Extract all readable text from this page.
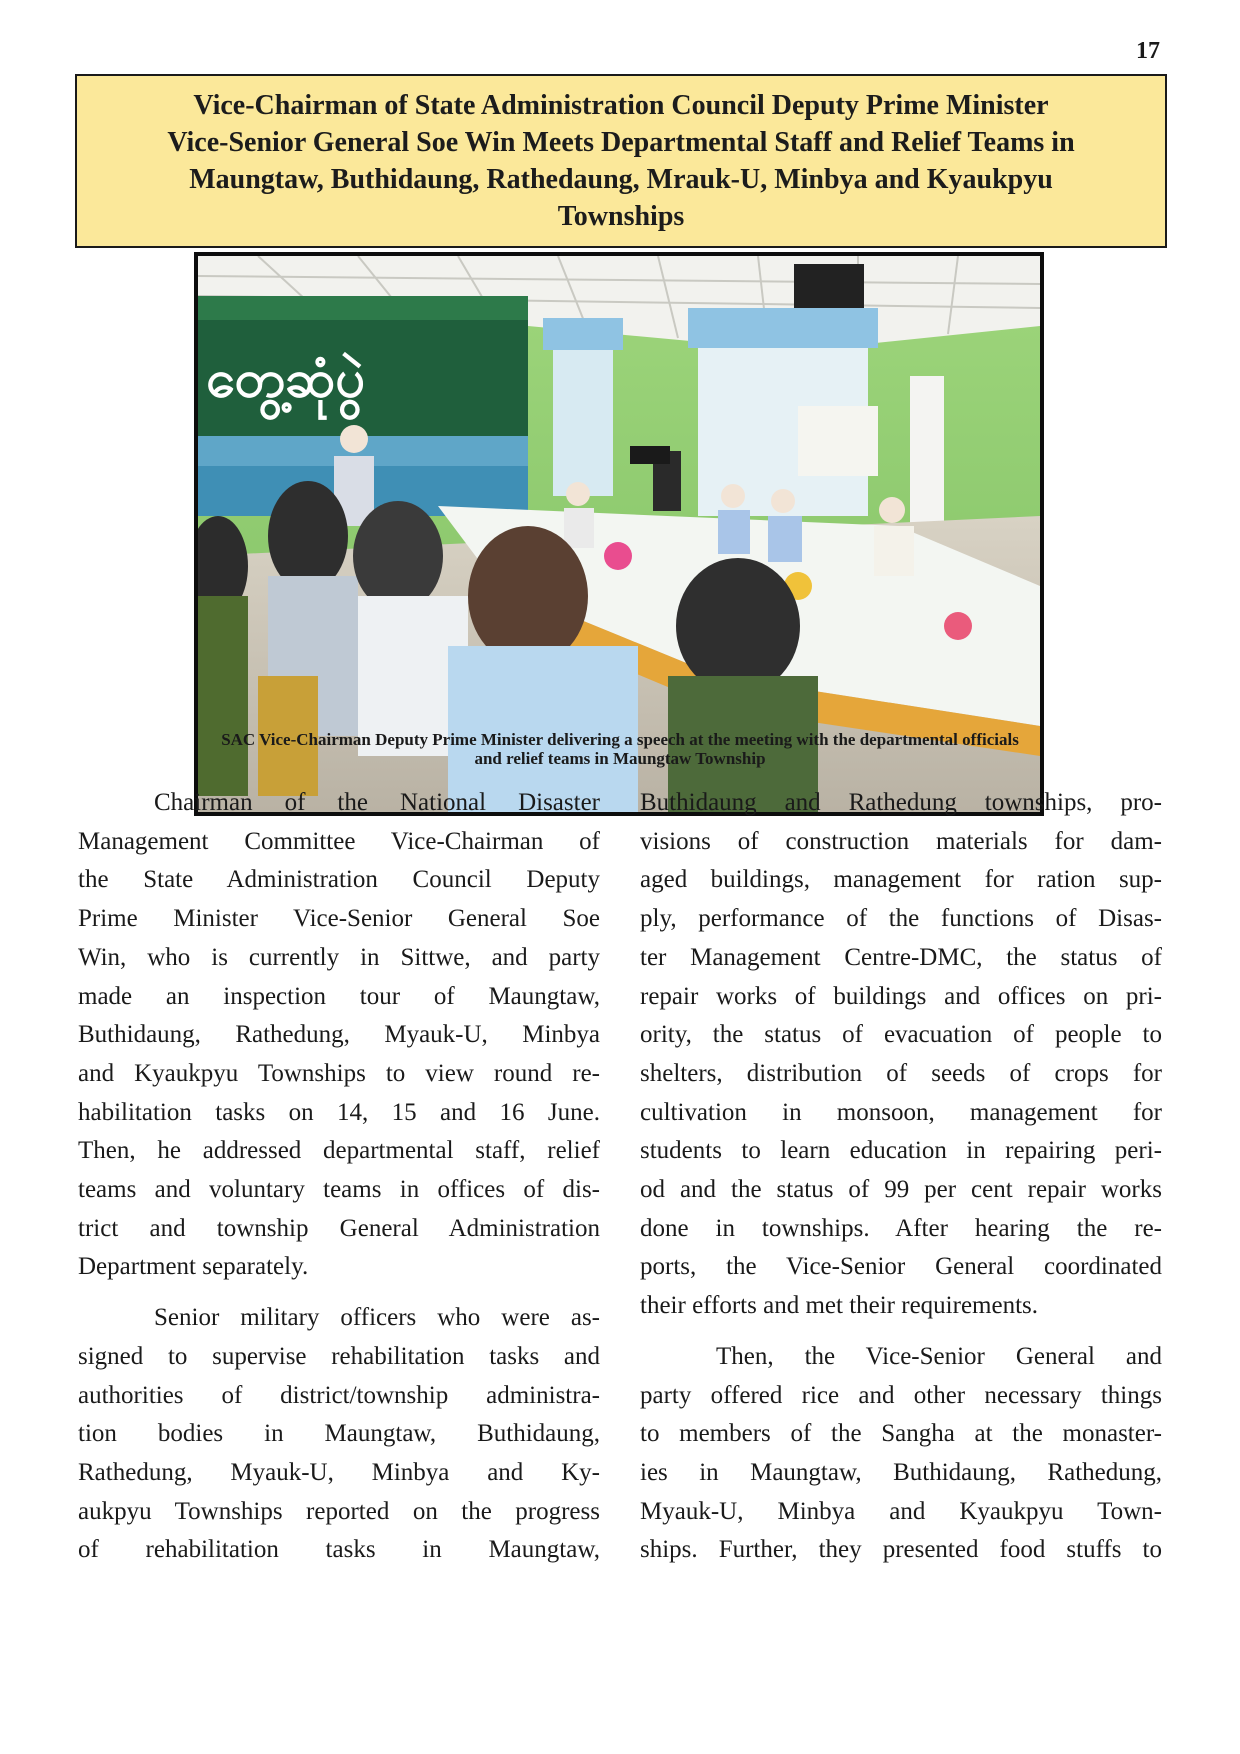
17
Vice-Chairman of State Administration Council Deputy Prime Minister
Vice-Senior General Soe Win Meets Departmental Staff and Relief Teams in
Maungtaw, Buthidaung, Rathedaung, Mrauk-U, Minbya and Kyaukpyu
Townships
တွေ့ဆုံပွဲ
SAC Vice-Chairman Deputy Prime Minister delivering a speech at the meeting with the departmental officials
and relief teams in Maungtaw Township
Chairman of the National Disaster
Management Committee Vice-Chairman of
the State Administration Council Deputy
Prime Minister Vice-Senior General Soe
Win, who is currently in Sittwe, and party
made an inspection tour of Maungtaw,
Buthidaung, Rathedung, Myauk-U, Minbya
and Kyaukpyu Townships to view round re-
habilitation tasks on 14, 15 and 16 June.
Then, he addressed departmental staff, relief
teams and voluntary teams in offices of dis-
trict and township General Administration
Department separately.
Senior military officers who were as-
signed to supervise rehabilitation tasks and
authorities of district/township administra-
tion bodies in Maungtaw, Buthidaung,
Rathedung, Myauk-U, Minbya and Ky-
aukpyu Townships reported on the progress
of rehabilitation tasks in Maungtaw,
Buthidaung and Rathedung townships, pro-
visions of construction materials for dam-
aged buildings, management for ration sup-
ply, performance of the functions of Disas-
ter Management Centre-DMC, the status of
repair works of buildings and offices on pri-
ority, the status of evacuation of people to
shelters, distribution of seeds of crops for
cultivation in monsoon, management for
students to learn education in repairing peri-
od and the status of 99 per cent repair works
done in townships. After hearing the re-
ports, the Vice-Senior General coordinated
their efforts and met their requirements.
Then, the Vice-Senior General and
party offered rice and other necessary things
to members of the Sangha at the monaster-
ies in Maungtaw, Buthidaung, Rathedung,
Myauk-U, Minbya and Kyaukpyu Town-
ships. Further, they presented food stuffs to
